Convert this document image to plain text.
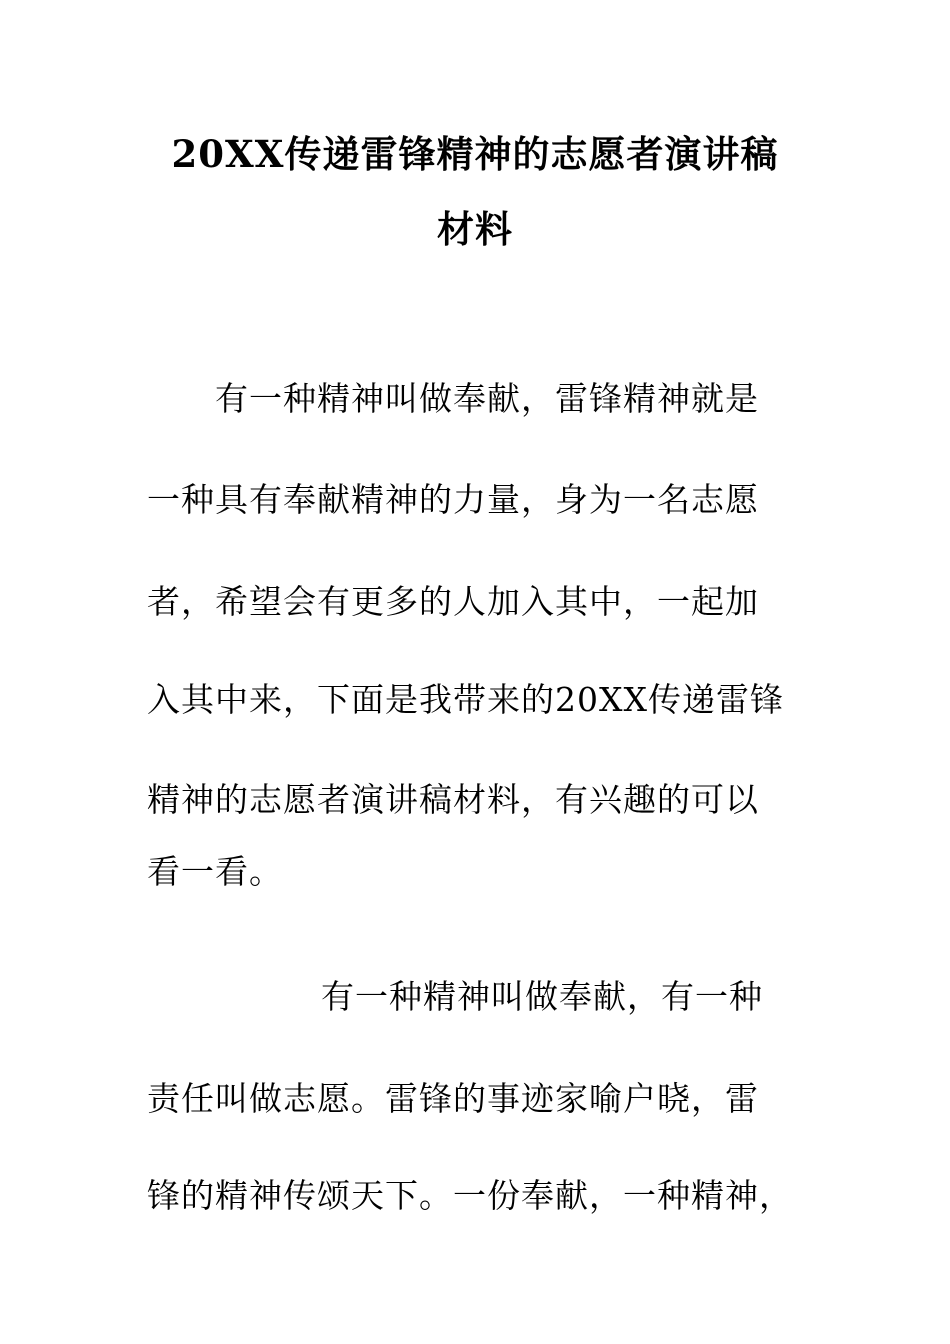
20XX传递雷锋精神的志愿者演讲稿
材料
有一种精神叫做奉献，雷锋精神就是
一种具有奉献精神的力量，身为一名志愿
者，希望会有更多的人加入其中，一起加
入其中来，下面是我带来的20XX传递雷锋
精神的志愿者演讲稿材料，有兴趣的可以
看一看。
有一种精神叫做奉献，有一种
责任叫做志愿。雷锋的事迹家喻户晓，雷
锋的精神传颂天下。一份奉献，一种精神，
